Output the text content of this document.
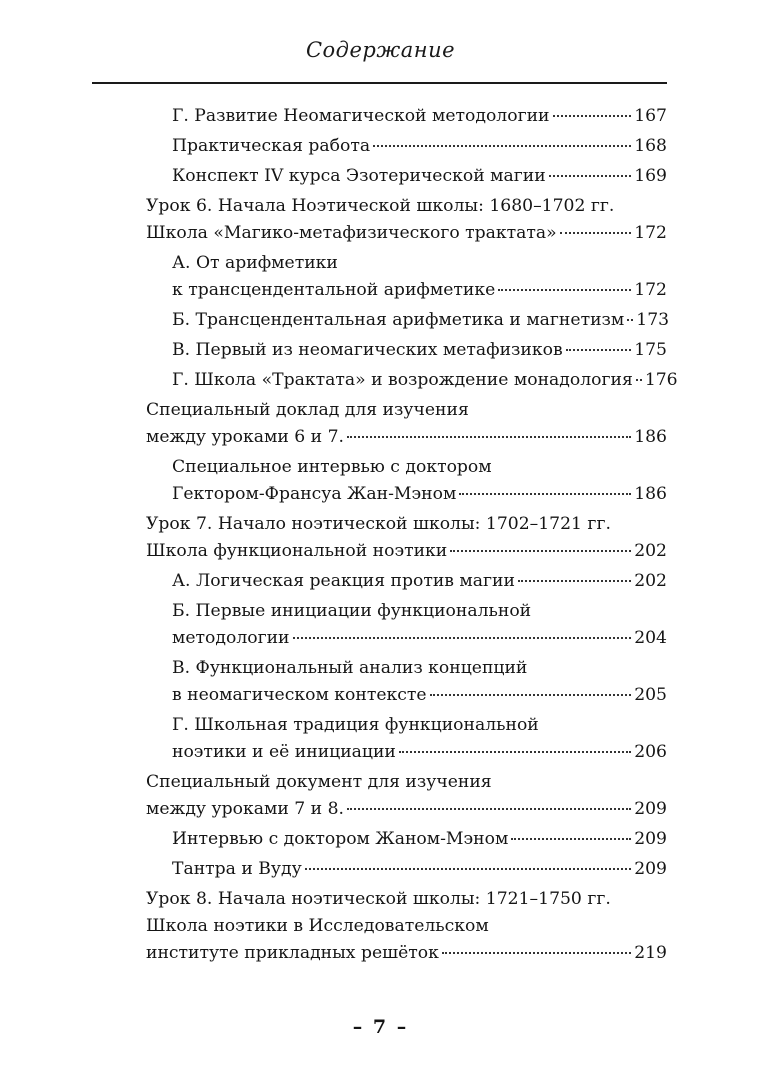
Содержание
Г. Развитие Неомагической методологии	167
Практическая работа	168
Конспект IV курса Эзотерической магии	169
Урок 6. Начала Ноэтической школы: 1680–1702 гг.
Школа «Магико-метафизического трактата»	172
А. От арифметики
к трансцендентальной арифметике	172
Б. Трансцендентальная арифметика и магнетизм 173
В. Первый из неомагических метафизиков	175
Г. Школа «Трактата» и возрождение монадология 176
Специальный доклад для изучения
между уроками 6 и 7.	186
Специальное интервью с доктором
Гектором-Франсуа Жан-Мэном	186
Урок 7. Начало ноэтической школы: 1702–1721 гг.
Школа функциональной ноэтики	202
А. Логическая реакция против магии	202
Б. Первые инициации функциональной
методологии	204
В. Функциональный анализ концепций
в неомагическом контексте	205
Г. Школьная традиция функциональной
ноэтики и её инициации	206
Специальный документ для изучения
между уроками 7 и 8.	209
Интервью с доктором Жаном-Мэном	209
Тантра и Вуду	209
Урок 8. Начала ноэтической школы: 1721–1750 гг.
Школа ноэтики в Исследовательском
институте прикладных решёток	219
– 7 –
